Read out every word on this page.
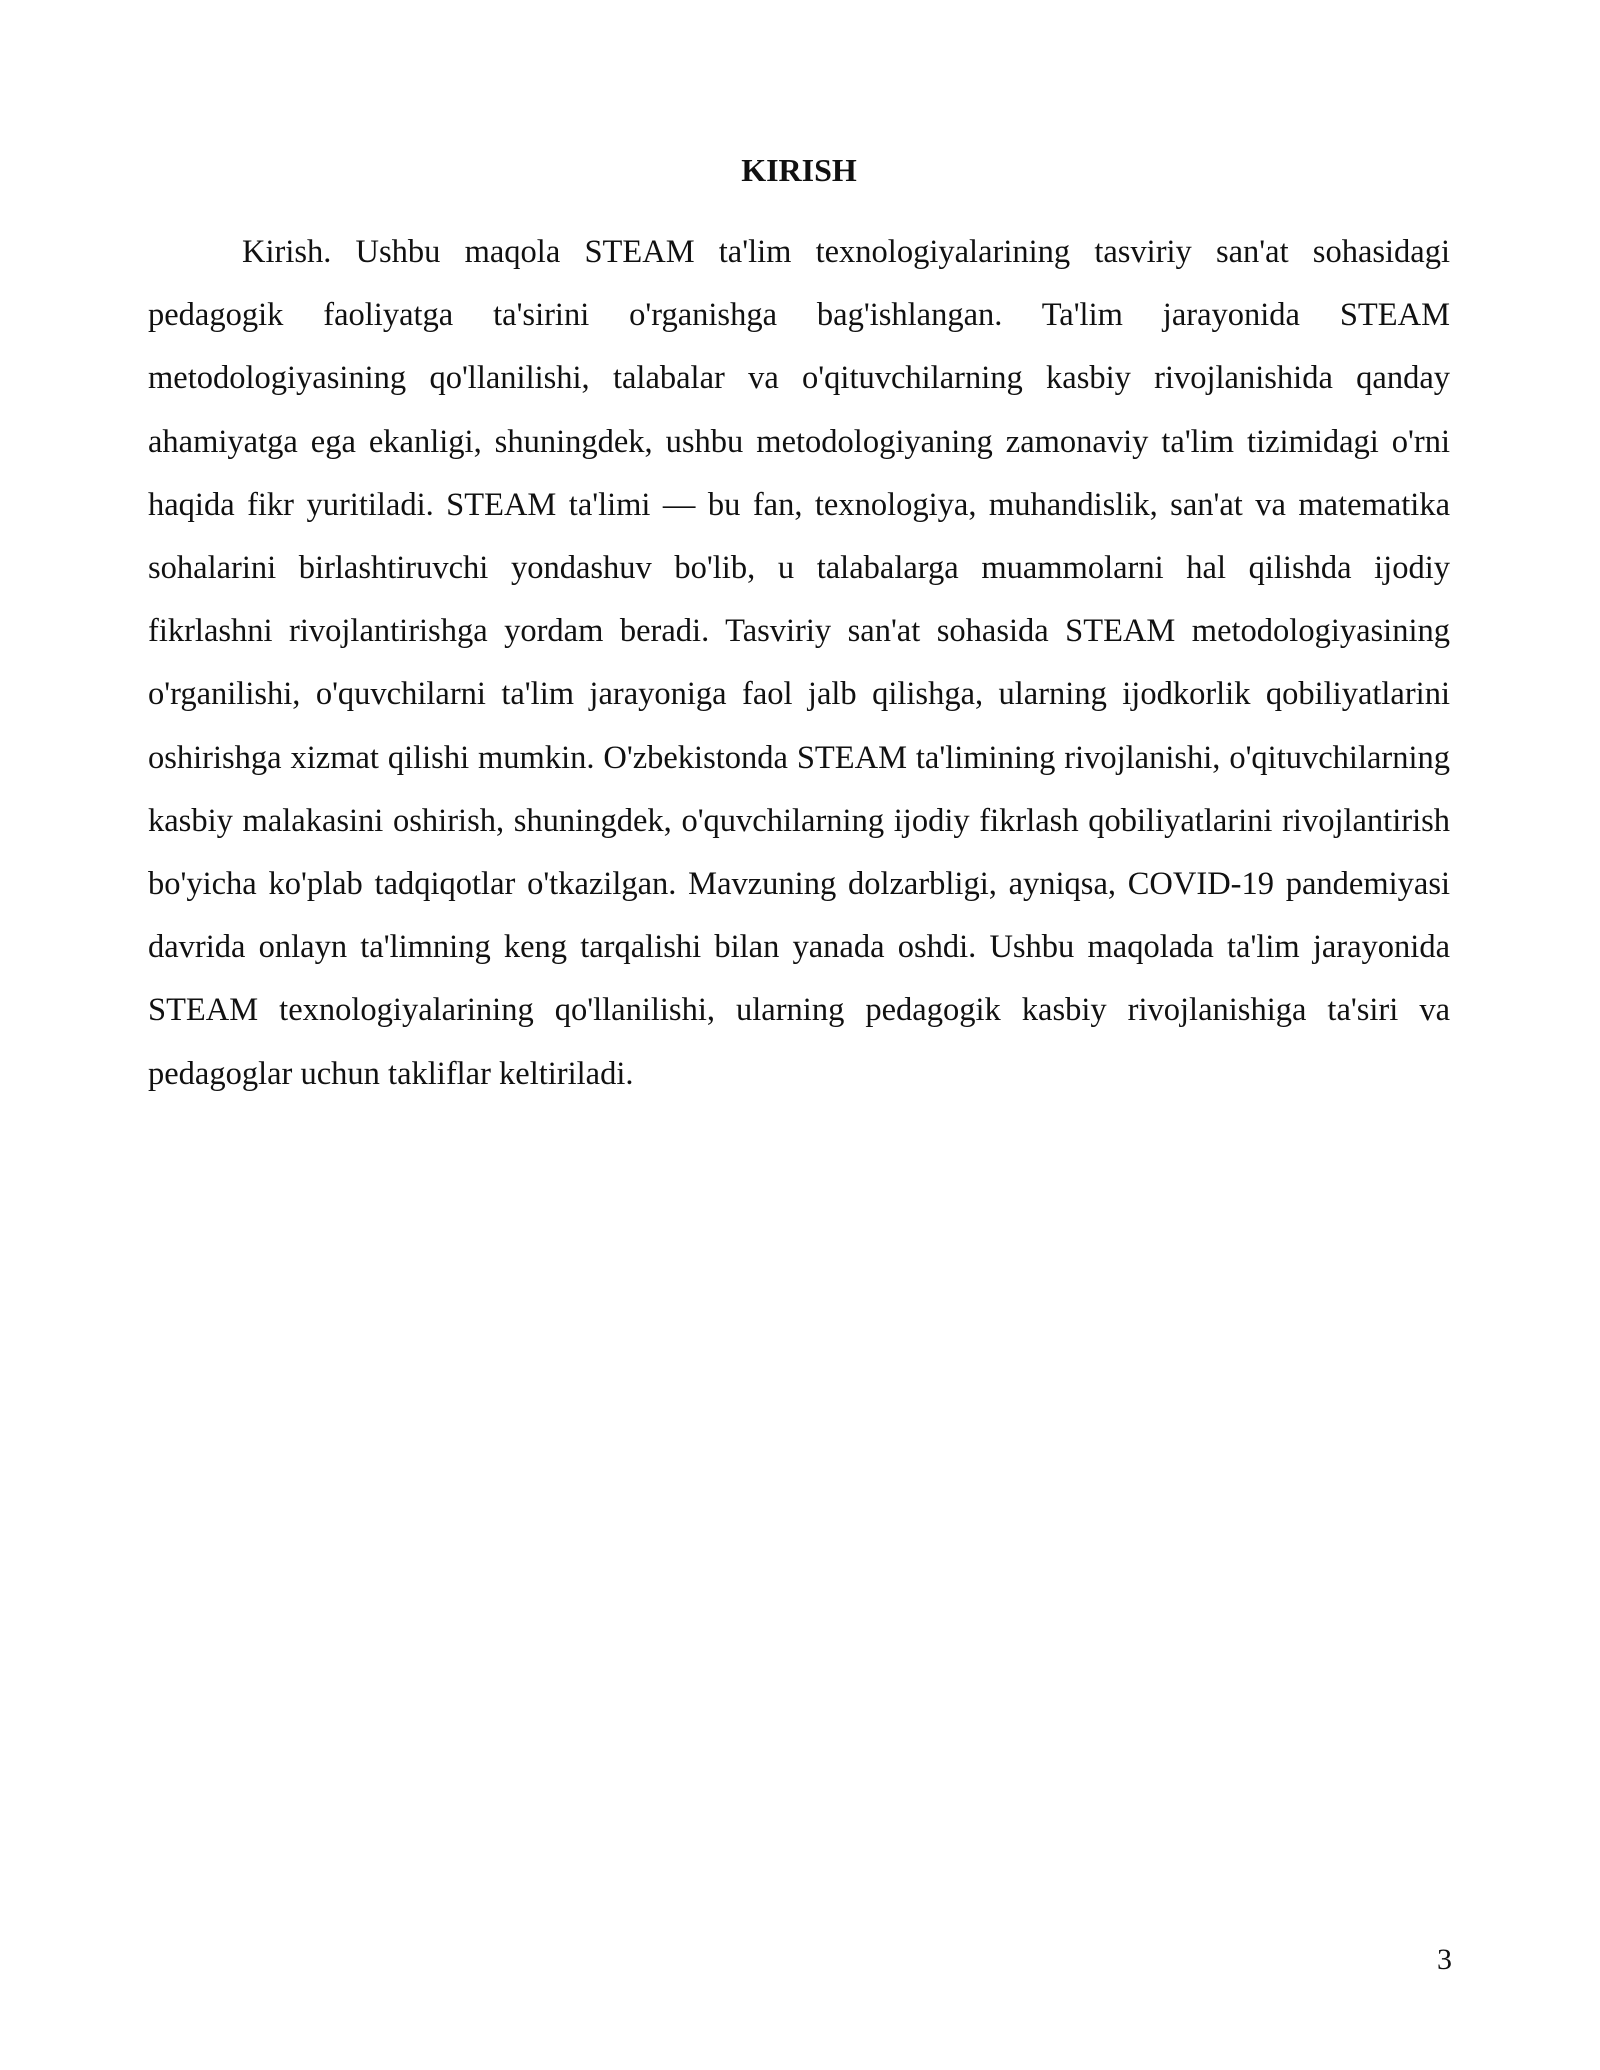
KIRISH

Kirish. Ushbu maqola STEAM ta'lim texnologiyalarining tasviriy san'at sohasidagi pedagogik faoliyatga ta'sirini o'rganishga bag'ishlangan. Ta'lim jarayonida STEAM metodologiyasining qo'llanilishi, talabalar va o'qituvchilarning kasbiy rivojlanishida qanday ahamiyatga ega ekanligi, shuningdek, ushbu metodologiyaning zamonaviy ta'lim tizimidagi o'rni haqida fikr yuritiladi. STEAM ta'limi — bu fan, texnologiya, muhandislik, san'at va matematika sohalarini birlashtiruvchi yondashuv bo'lib, u talabalarga muammolarni hal qilishda ijodiy fikrlashni rivojlantirishga yordam beradi. Tasviriy san'at sohasida STEAM metodologiyasining o'rganilishi, o'quvchilarni ta'lim jarayoniga faol jalb qilishga, ularning ijodkorlik qobiliyatlarini oshirishga xizmat qilishi mumkin. O'zbekistonda STEAM ta'limining rivojlanishi, o'qituvchilarning kasbiy malakasini oshirish, shuningdek, o'quvchilarning ijodiy fikrlash qobiliyatlarini rivojlantirish bo'yicha ko'plab tadqiqotlar o'tkazilgan. Mavzuning dolzarbligi, ayniqsa, COVID-19 pandemiyasi davrida onlayn ta'limning keng tarqalishi bilan yanada oshdi. Ushbu maqolada ta'lim jarayonida STEAM texnologiyalarining qo'llanilishi, ularning pedagogik kasbiy rivojlanishiga ta'siri va pedagoglar uchun takliflar keltiriladi.

3
